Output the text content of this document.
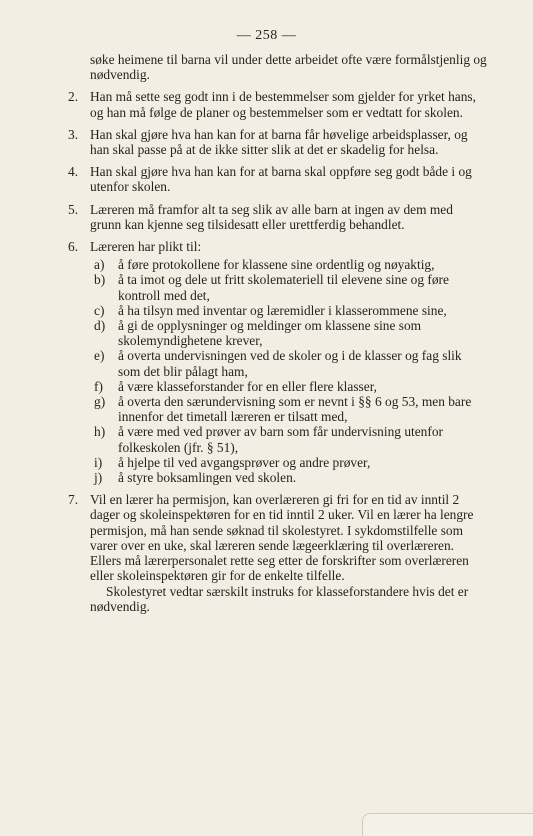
— 258 —

søke heimene til barna vil under dette arbeidet ofte være formålstjenlig og nødvendig.

2. Han må sette seg godt inn i de bestemmelser som gjelder for yrket hans, og han må følge de planer og bestemmelser som er vedtatt for skolen.
3. Han skal gjøre hva han kan for at barna får høvelige arbeidsplasser, og han skal passe på at de ikke sitter slik at det er skadelig for helsa.
4. Han skal gjøre hva han kan for at barna skal oppføre seg godt både i og utenfor skolen.
5. Læreren må framfor alt ta seg slik av alle barn at ingen av dem med grunn kan kjenne seg tilsidesatt eller urettferdig behandlet.
6. Læreren har plikt til:
a) å føre protokollene for klassene sine ordentlig og nøyaktig,
b) å ta imot og dele ut fritt skolemateriell til elevene sine og føre kontroll med det,
c) å ha tilsyn med inventar og læremidler i klasserommene sine,
d) å gi de opplysninger og meldinger om klassene sine som skolemyndighetene krever,
e) å overta undervisningen ved de skoler og i de klasser og fag slik som det blir pålagt ham,
f) å være klasseforstander for en eller flere klasser,
g) å overta den særundervisning som er nevnt i §§ 6 og 53, men bare innenfor det timetall læreren er tilsatt med,
h) å være med ved prøver av barn som får undervisning utenfor folkeskolen (jfr. § 51),
i) å hjelpe til ved avgangsprøver og andre prøver,
j) å styre boksamlingen ved skolen.
7. Vil en lærer ha permisjon, kan overlæreren gi fri for en tid av inntil 2 dager og skoleinspektøren for en tid inntil 2 uker. Vil en lærer ha lengre permisjon, må han sende søknad til skolestyret. I sykdomstilfelle som varer over en uke, skal læreren sende lægeerklæring til overlæreren. Ellers må lærerpersonalet rette seg etter de forskrifter som overlæreren eller skoleinspektøren gir for de enkelte tilfelle.
Skolestyret vedtar særskilt instruks for klasseforstandere hvis det er nødvendig.
